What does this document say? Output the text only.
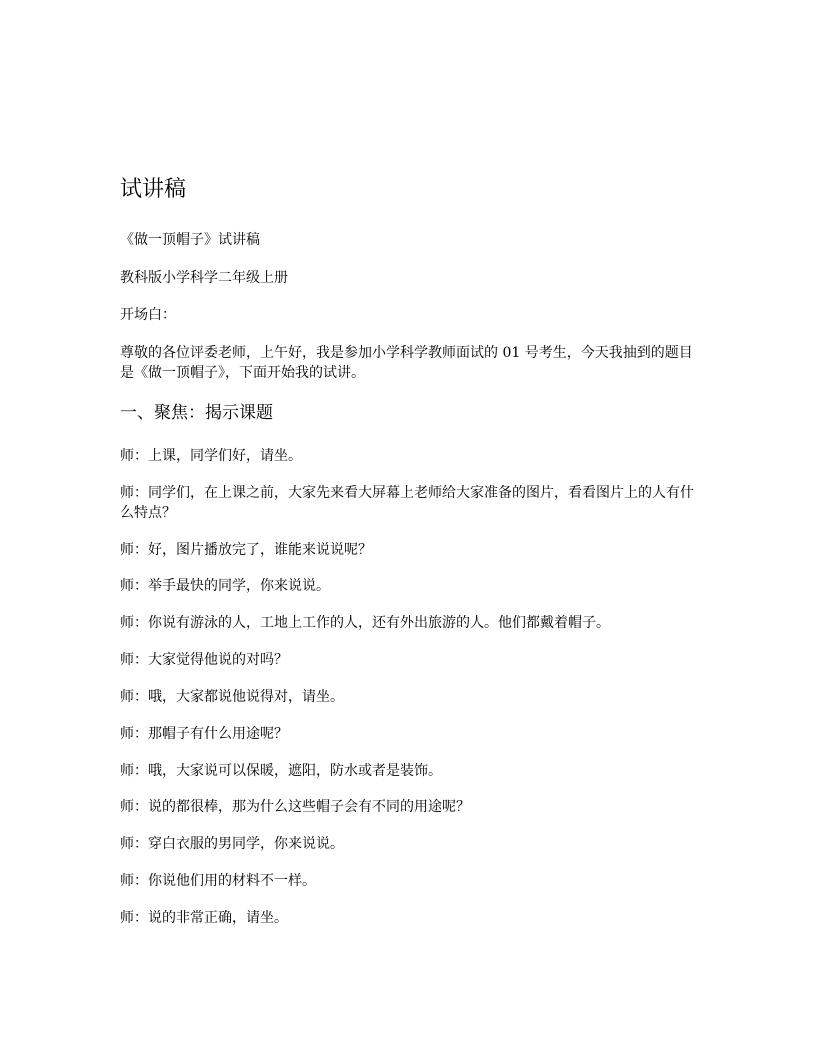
试讲稿
《做一顶帽子》试讲稿
教科版小学科学二年级上册
开场白：
尊敬的各位评委老师，上午好，我是参加小学科学教师面试的 01 号考生，今天我抽到的题目是《做一顶帽子》，下面开始我的试讲。
一、聚焦：揭示课题
师：上课，同学们好，请坐。
师：同学们，在上课之前，大家先来看大屏幕上老师给大家准备的图片，看看图片上的人有什么特点？
师：好，图片播放完了，谁能来说说呢？
师：举手最快的同学，你来说说。
师：你说有游泳的人，工地上工作的人，还有外出旅游的人。他们都戴着帽子。
师：大家觉得他说的对吗？
师：哦，大家都说他说得对，请坐。
师：那帽子有什么用途呢？
师：哦，大家说可以保暖，遮阳，防水或者是装饰。
师：说的都很棒，那为什么这些帽子会有不同的用途呢？
师：穿白衣服的男同学，你来说说。
师：你说他们用的材料不一样。
师：说的非常正确，请坐。
